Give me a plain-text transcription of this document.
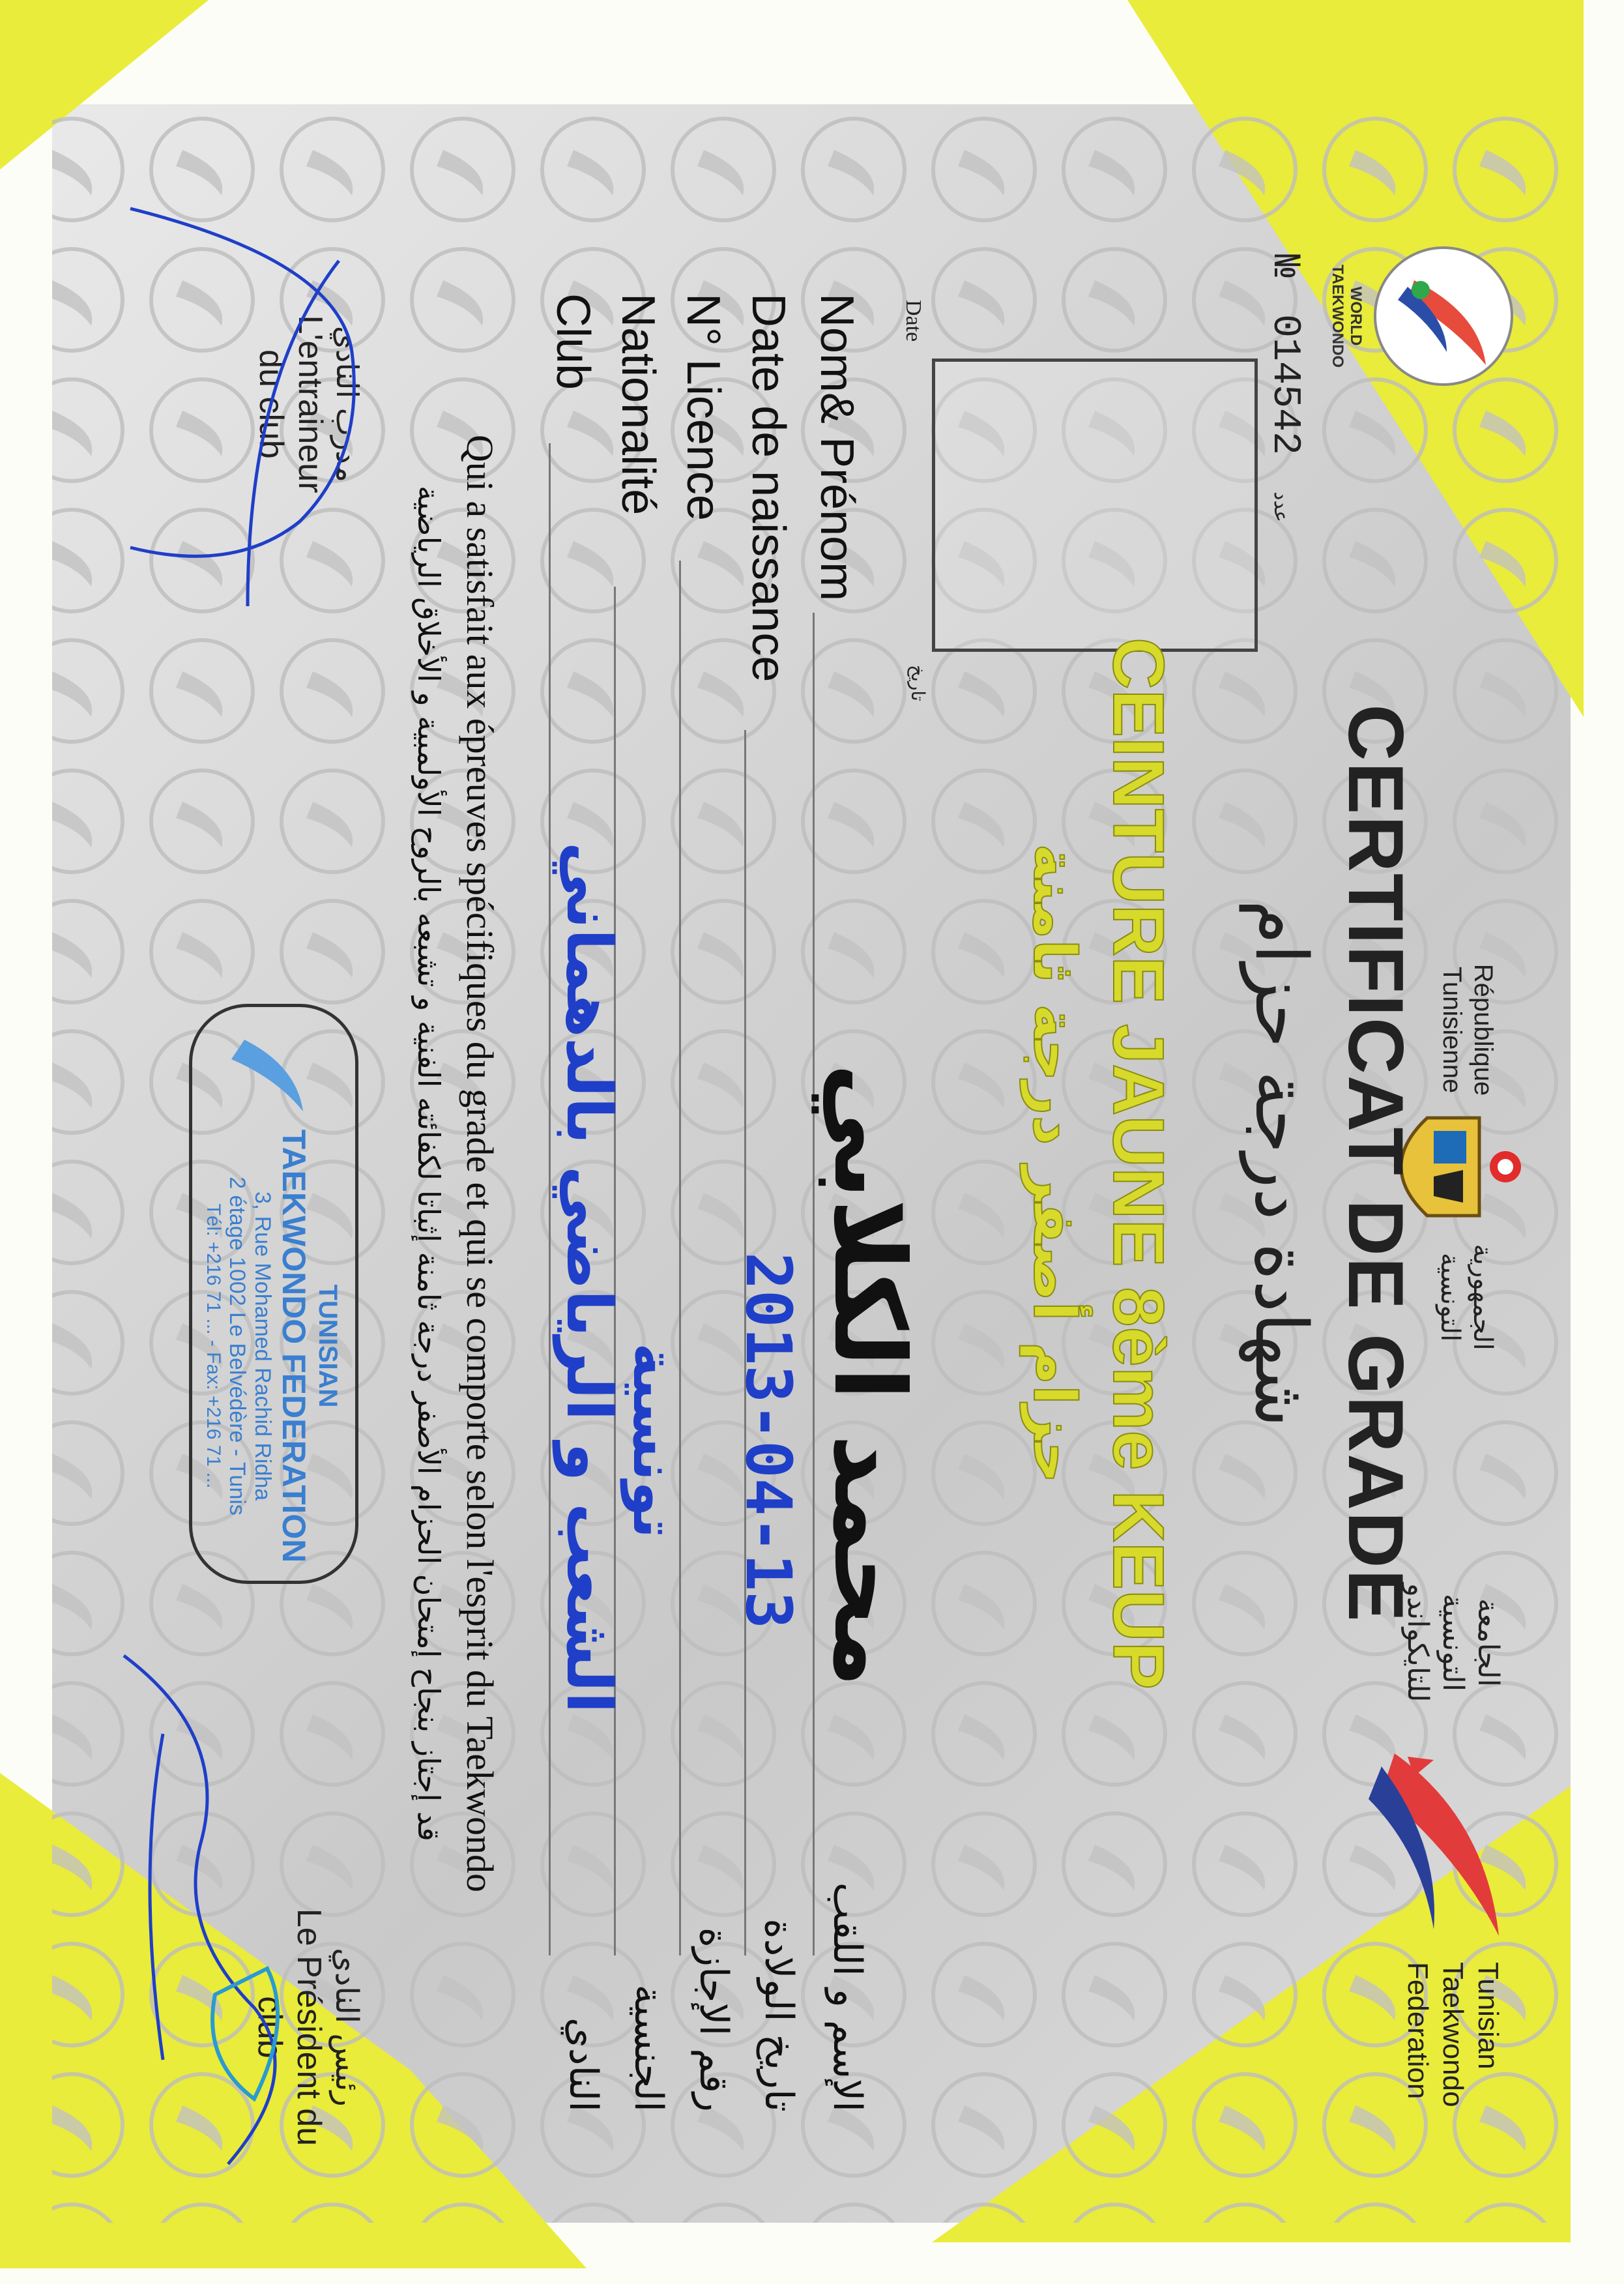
WORLD TAEKWONDO
№ 014542 عدد
Date
تاريخ
République
Tunisienne
الجمهورية
التونسية
الجامعة
التونسية
للتايكواندو
Tunisian
Taekwondo
Federation
CERTIFICAT DE GRADE
شهادة درجة حزام
CEINTURE JAUNE 8ème KEUP
حزام أصفر درجة ثامنة
Nom& Prénom
الإسم و اللقب
محمد الكلابي
Date de naissance
تاريخ الولادة
2013-04-13
N° Licence
رقم الإجازة
Nationalité
الجنسية
تونسية
Club
النادي
الشعب و الرياضي بالدهماني
Qui a satisfait aux épreuves spécifiques du grade et qui se comporte selon l'esprit du Taekwondo
قد إجتاز بنجاح إمتحان الحزام الأصفر درجة ثامنة إثباتا لكفائته الفنية و تشبعه بالروح الأولمبية و الأخلاق الرياضية
مدرب النادي
L'entraineur
du club
TUNISIAN
TAEKWONDO FEDERATION
3, Rue Mohamed Rachid Ridha
2 étage 1002 Le Belvédère - Tunis
Tél: +216 71 ... - Fax: +216 71 ...
رئيس النادي
Le Président du
club
